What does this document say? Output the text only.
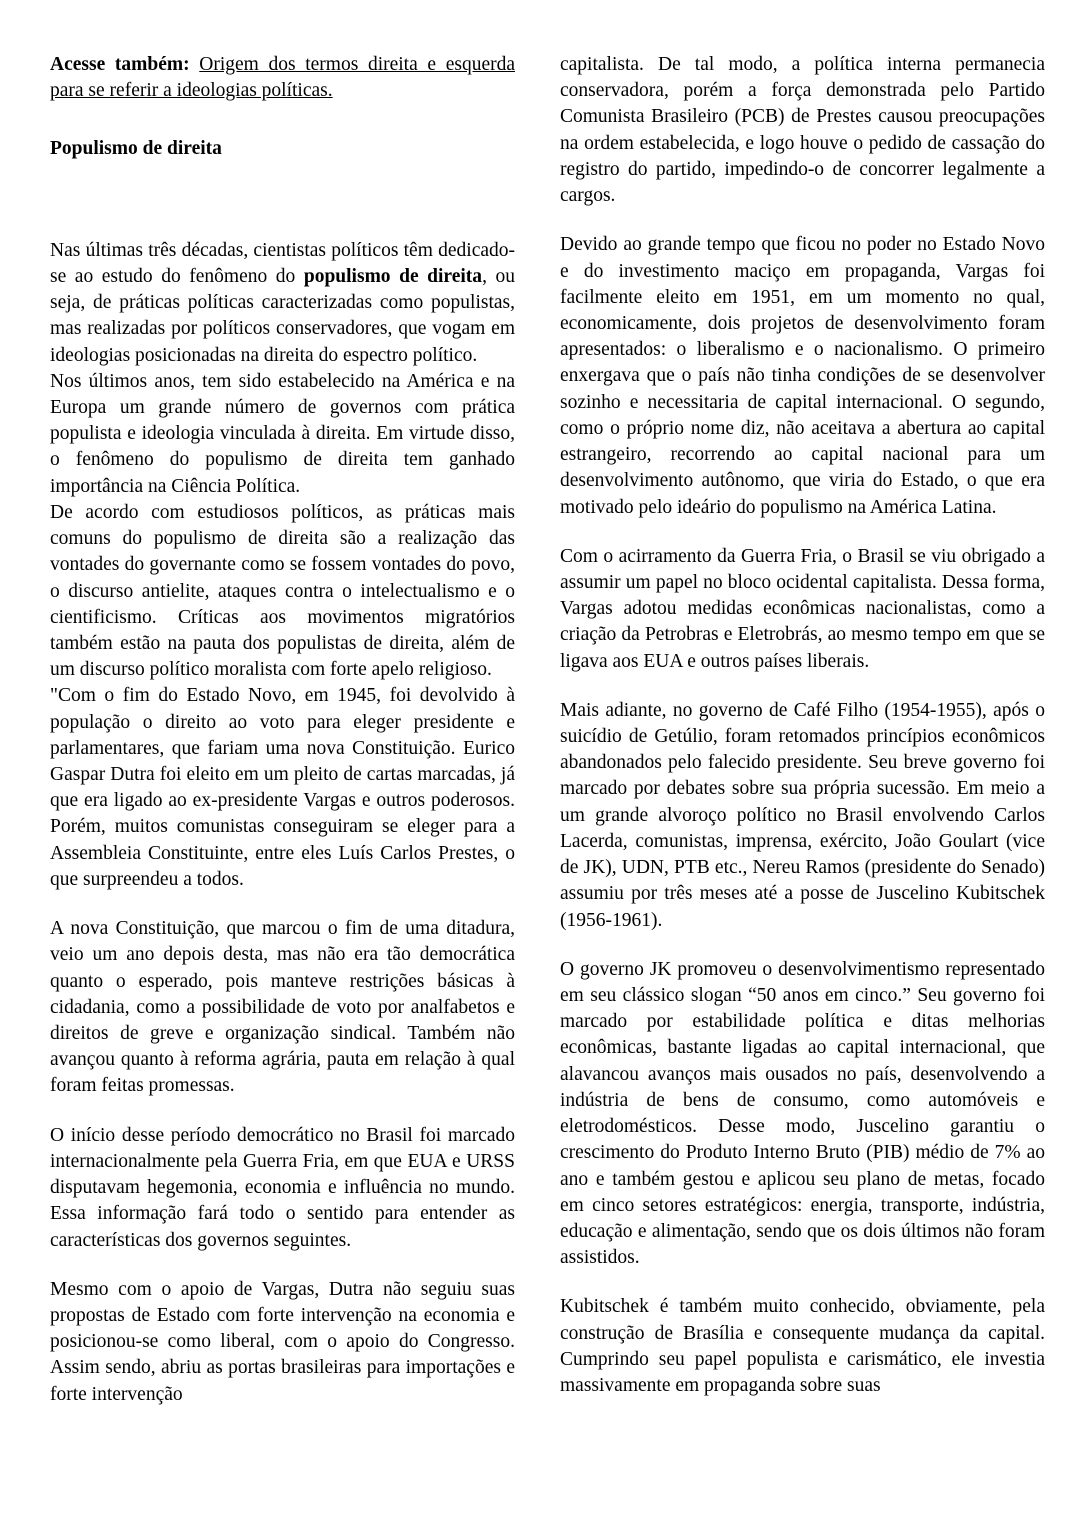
Acesse também: Origem dos termos direita e esquerda para se referir a ideologias políticas.

Populismo de direita

Nas últimas três décadas, cientistas políticos têm dedicado-se ao estudo do fenômeno do populismo de direita, ou seja, de práticas políticas caracterizadas como populistas, mas realizadas por políticos conservadores, que vogam em ideologias posicionadas na direita do espectro político.

Nos últimos anos, tem sido estabelecido na América e na Europa um grande número de governos com prática populista e ideologia vinculada à direita. Em virtude disso, o fenômeno do populismo de direita tem ganhado importância na Ciência Política.

De acordo com estudiosos políticos, as práticas mais comuns do populismo de direita são a realização das vontades do governante como se fossem vontades do povo, o discurso antielite, ataques contra o intelectualismo e o cientificismo. Críticas aos movimentos migratórios também estão na pauta dos populistas de direita, além de um discurso político moralista com forte apelo religioso.

"Com o fim do Estado Novo, em 1945, foi devolvido à população o direito ao voto para eleger presidente e parlamentares, que fariam uma nova Constituição. Eurico Gaspar Dutra foi eleito em um pleito de cartas marcadas, já que era ligado ao ex-presidente Vargas e outros poderosos. Porém, muitos comunistas conseguiram se eleger para a Assembleia Constituinte, entre eles Luís Carlos Prestes, o que surpreendeu a todos.

A nova Constituição, que marcou o fim de uma ditadura, veio um ano depois desta, mas não era tão democrática quanto o esperado, pois manteve restrições básicas à cidadania, como a possibilidade de voto por analfabetos e direitos de greve e organização sindical. Também não avançou quanto à reforma agrária, pauta em relação à qual foram feitas promessas.

O início desse período democrático no Brasil foi marcado internacionalmente pela Guerra Fria, em que EUA e URSS disputavam hegemonia, economia e influência no mundo. Essa informação fará todo o sentido para entender as características dos governos seguintes.

Mesmo com o apoio de Vargas, Dutra não seguiu suas propostas de Estado com forte intervenção na economia e posicionou-se como liberal, com o apoio do Congresso. Assim sendo, abriu as portas brasileiras para importações e forte intervenção

capitalista. De tal modo, a política interna permanecia conservadora, porém a força demonstrada pelo Partido Comunista Brasileiro (PCB) de Prestes causou preocupações na ordem estabelecida, e logo houve o pedido de cassação do registro do partido, impedindo-o de concorrer legalmente a cargos.

Devido ao grande tempo que ficou no poder no Estado Novo e do investimento maciço em propaganda, Vargas foi facilmente eleito em 1951, em um momento no qual, economicamente, dois projetos de desenvolvimento foram apresentados: o liberalismo e o nacionalismo. O primeiro enxergava que o país não tinha condições de se desenvolver sozinho e necessitaria de capital internacional. O segundo, como o próprio nome diz, não aceitava a abertura ao capital estrangeiro, recorrendo ao capital nacional para um desenvolvimento autônomo, que viria do Estado, o que era motivado pelo ideário do populismo na América Latina.

Com o acirramento da Guerra Fria, o Brasil se viu obrigado a assumir um papel no bloco ocidental capitalista. Dessa forma, Vargas adotou medidas econômicas nacionalistas, como a criação da Petrobras e Eletrobrás, ao mesmo tempo em que se ligava aos EUA e outros países liberais.

Mais adiante, no governo de Café Filho (1954-1955), após o suicídio de Getúlio, foram retomados princípios econômicos abandonados pelo falecido presidente. Seu breve governo foi marcado por debates sobre sua própria sucessão. Em meio a um grande alvoroço político no Brasil envolvendo Carlos Lacerda, comunistas, imprensa, exército, João Goulart (vice de JK), UDN, PTB etc., Nereu Ramos (presidente do Senado) assumiu por três meses até a posse de Juscelino Kubitschek (1956-1961).

O governo JK promoveu o desenvolvimentismo representado em seu clássico slogan “50 anos em cinco.” Seu governo foi marcado por estabilidade política e ditas melhorias econômicas, bastante ligadas ao capital internacional, que alavancou avanços mais ousados no país, desenvolvendo a indústria de bens de consumo, como automóveis e eletrodomésticos. Desse modo, Juscelino garantiu o crescimento do Produto Interno Bruto (PIB) médio de 7% ao ano e também gestou e aplicou seu plano de metas, focado em cinco setores estratégicos: energia, transporte, indústria, educação e alimentação, sendo que os dois últimos não foram assistidos.

Kubitschek é também muito conhecido, obviamente, pela construção de Brasília e consequente mudança da capital. Cumprindo seu papel populista e carismático, ele investia massivamente em propaganda sobre suas
